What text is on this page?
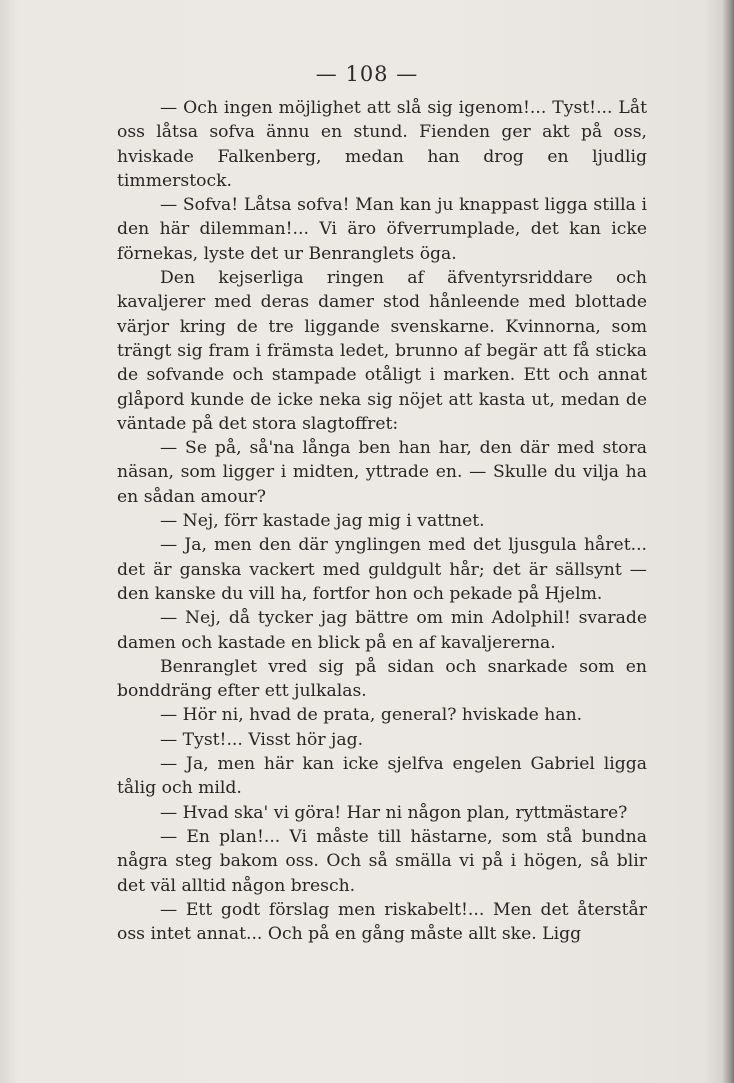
— 108 —

— Och ingen möjlighet att slå sig igenom!... Tyst!... Låt oss låtsa sofva ännu en stund. Fienden ger akt på oss, hviskade Falkenberg, medan han drog en ljudlig timmerstock.

— Sofva! Låtsa sofva! Man kan ju knappast ligga stilla i den här dilemman!... Vi äro öfverrumplade, det kan icke förnekas, lyste det ur Benranglets öga.

Den kejserliga ringen af äfventyrsriddare och kavaljerer med deras damer stod hånleende med blottade värjor kring de tre liggande svenskarne. Kvinnorna, som trängt sig fram i främsta ledet, brunno af begär att få sticka de sofvande och stampade otåligt i marken. Ett och annat glåpord kunde de icke neka sig nöjet att kasta ut, medan de väntade på det stora slagtoffret:

— Se på, så'na långa ben han har, den där med stora näsan, som ligger i midten, yttrade en. — Skulle du vilja ha en sådan amour?

— Nej, förr kastade jag mig i vattnet.

— Ja, men den där ynglingen med det ljusgula håret... det är ganska vackert med guldgult hår; det är sällsynt — den kanske du vill ha, fortfor hon och pekade på Hjelm.

— Nej, då tycker jag bättre om min Adolphil! svarade damen och kastade en blick på en af kavaljererna.

Benranglet vred sig på sidan och snarkade som en bonddräng efter ett julkalas.

— Hör ni, hvad de prata, general? hviskade han.

— Tyst!... Visst hör jag.

— Ja, men här kan icke sjelfva engelen Gabriel ligga tålig och mild.

— Hvad ska' vi göra! Har ni någon plan, ryttmästare?

— En plan!... Vi måste till hästarne, som stå bundna några steg bakom oss. Och så smälla vi på i högen, så blir det väl alltid någon bresch.

— Ett godt förslag men riskabelt!... Men det återstår oss intet annat... Och på en gång måste allt ske. Ligg
